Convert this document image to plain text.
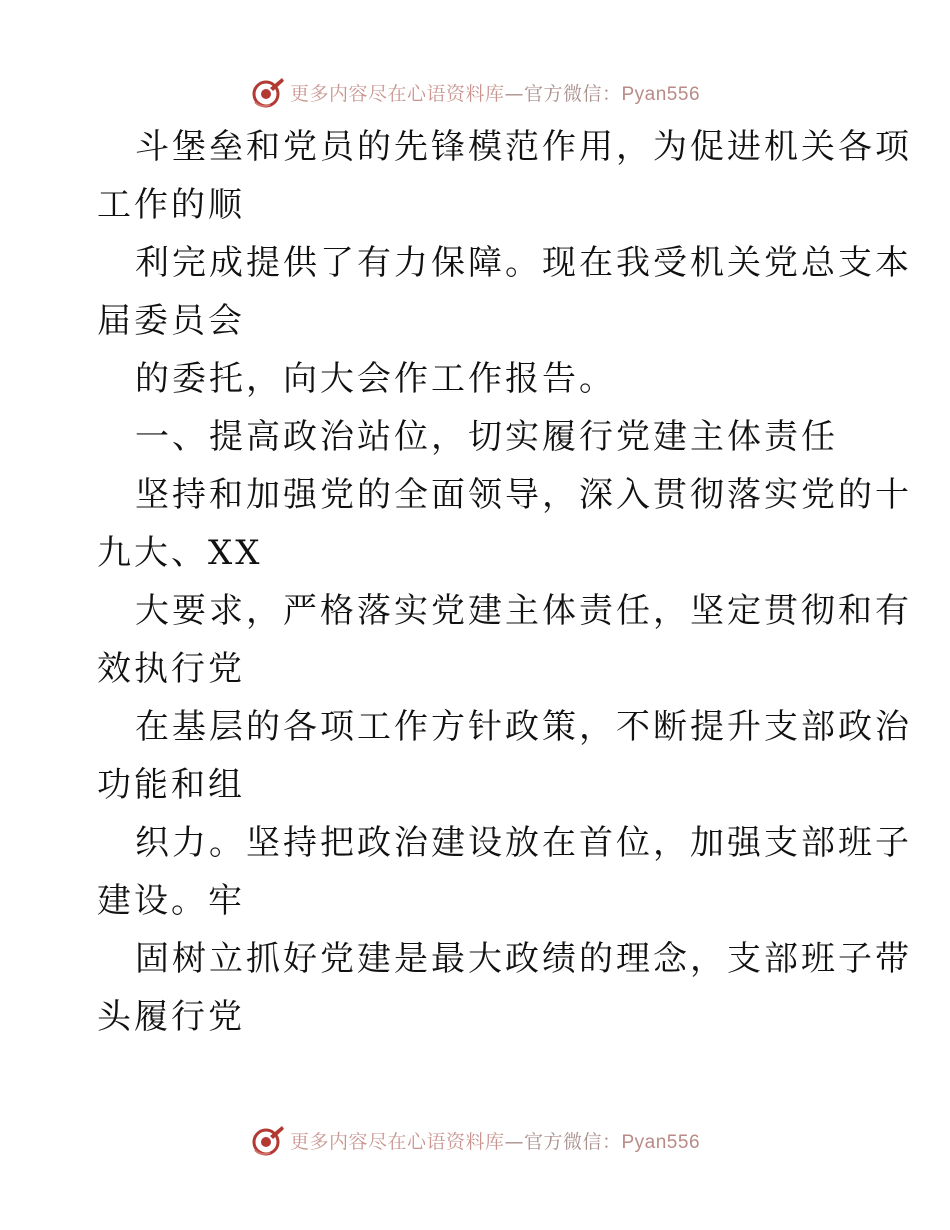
更多内容尽在心语资料库—官方微信：Pyan556
斗堡垒和党员的先锋模范作用，为促进机关各项
工作的顺
利完成提供了有力保障。现在我受机关党总支本
届委员会
的委托，向大会作工作报告。
一、提高政治站位，切实履行党建主体责任
坚持和加强党的全面领导，深入贯彻落实党的十
九大、XX
大要求，严格落实党建主体责任，坚定贯彻和有
效执行党
在基层的各项工作方针政策，不断提升支部政治
功能和组
织力。坚持把政治建设放在首位，加强支部班子
建设。牢
固树立抓好党建是最大政绩的理念，支部班子带
头履行党
更多内容尽在心语资料库—官方微信：Pyan556
